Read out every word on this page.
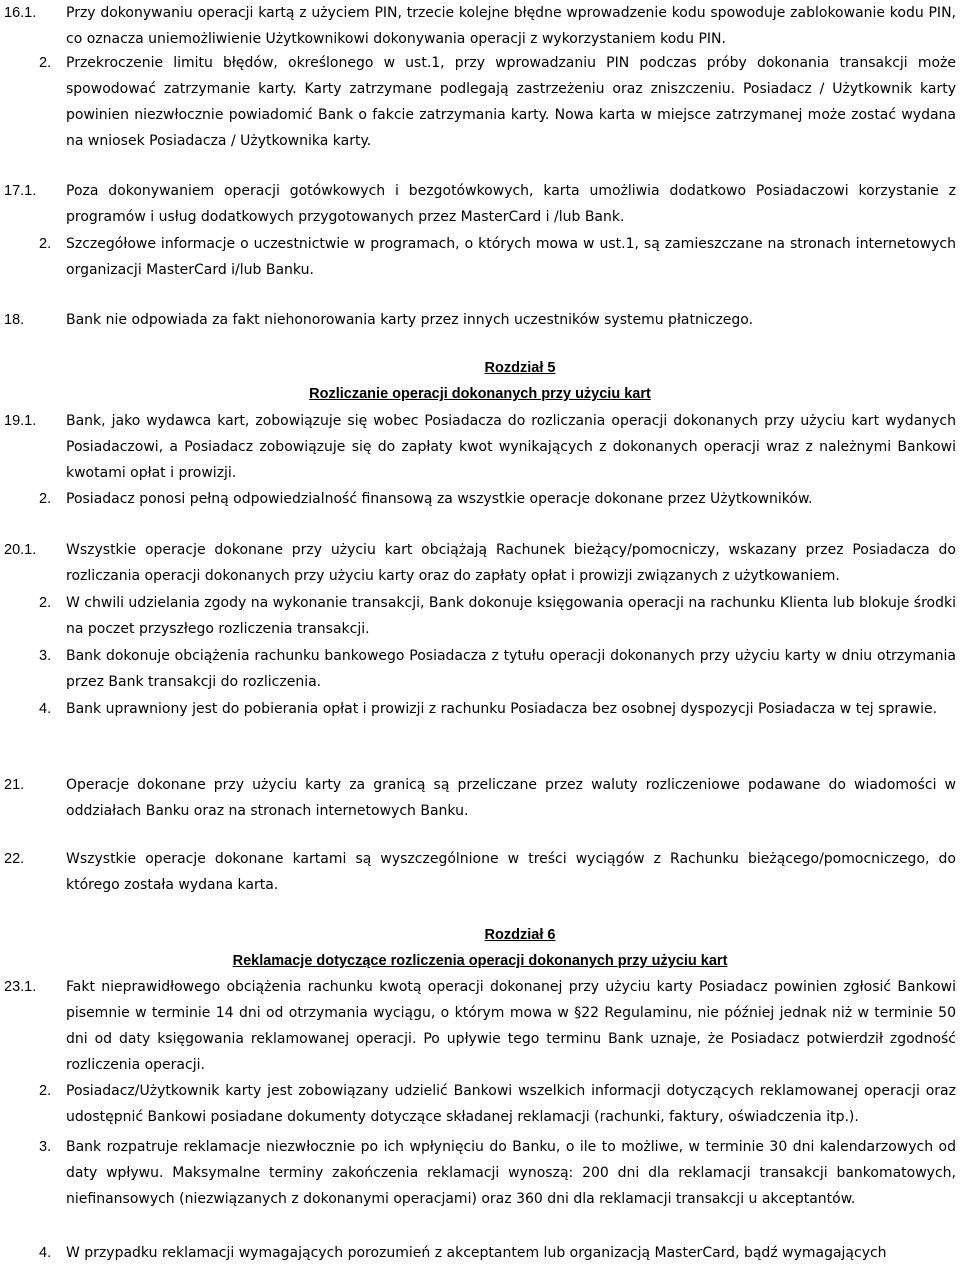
16.1. Przy dokonywaniu operacji kartą z użyciem PIN, trzecie kolejne błędne wprowadzenie kodu spowoduje zablokowanie kodu PIN, co oznacza uniemożliwienie Użytkownikowi dokonywania operacji z wykorzystaniem kodu PIN.
2. Przekroczenie limitu błędów, określonego w ust.1, przy wprowadzaniu PIN podczas próby dokonania transakcji może spowodować zatrzymanie karty. Karty zatrzymane podlegają zastrzeżeniu oraz zniszczeniu. Posiadacz / Użytkownik karty powinien niezwłocznie powiadomić Bank o fakcie zatrzymania karty. Nowa karta w miejsce zatrzymanej może zostać wydana na wniosek Posiadacza / Użytkownika karty.
17.1. Poza dokonywaniem operacji gotówkowych i bezgotówkowych, karta umożliwia dodatkowo Posiadaczowi korzystanie z programów i usług dodatkowych przygotowanych przez MasterCard i /lub Bank.
2. Szczegółowe informacje o uczestnictwie w programach, o których mowa w ust.1, są zamieszczane na stronach internetowych organizacji MasterCard i/lub Banku.
18.	Bank nie odpowiada za fakt niehonorowania karty przez innych uczestników systemu płatniczego.
Rozdział 5
Rozliczanie operacji dokonanych przy użyciu kart
19.1. Bank, jako wydawca kart, zobowiązuje się wobec Posiadacza do rozliczania operacji dokonanych przy użyciu kart wydanych Posiadaczowi, a Posiadacz zobowiązuje się do zapłaty kwot wynikających z dokonanych operacji wraz z należnymi Bankowi kwotami opłat i prowizji.
2. Posiadacz ponosi pełną odpowiedzialność finansową za wszystkie operacje dokonane przez Użytkowników.
20.1. Wszystkie operacje dokonane przy użyciu kart obciążają Rachunek bieżący/pomocniczy, wskazany przez Posiadacza do rozliczania operacji dokonanych przy użyciu karty oraz do zapłaty opłat i prowizji związanych z użytkowaniem.
2. W chwili udzielania zgody na wykonanie transakcji, Bank dokonuje księgowania operacji na rachunku Klienta lub blokuje środki na poczet przyszłego rozliczenia transakcji.
3. Bank dokonuje obciążenia rachunku bankowego Posiadacza z tytułu operacji dokonanych przy użyciu karty w dniu otrzymania przez Bank transakcji do rozliczenia.
4. Bank uprawniony jest do pobierania opłat i prowizji z rachunku Posiadacza bez osobnej dyspozycji Posiadacza w tej sprawie.
21.	Operacje dokonane przy użyciu karty za granicą są przeliczane przez waluty rozliczeniowe podawane do wiadomości w oddziałach Banku oraz na stronach internetowych Banku.
22.	Wszystkie operacje dokonane kartami są wyszczególnione w treści wyciągów z Rachunku bieżącego/pomocniczego, do którego została wydana karta.
Rozdział 6
Reklamacje dotyczące rozliczenia operacji dokonanych przy użyciu kart
23.1. Fakt nieprawidłowego obciążenia rachunku kwotą operacji dokonanej przy użyciu karty Posiadacz powinien zgłosić Bankowi pisemnie w terminie 14 dni od otrzymania wyciągu, o którym mowa w §22 Regulaminu, nie później jednak niż w terminie 50 dni od daty księgowania reklamowanej operacji. Po upływie tego terminu Bank uznaje, że Posiadacz potwierdził zgodność rozliczenia operacji.
2. Posiadacz/Użytkownik karty jest zobowiązany udzielić Bankowi wszelkich informacji dotyczących reklamowanej operacji oraz udostępnić Bankowi posiadane dokumenty dotyczące składanej reklamacji (rachunki, faktury, oświadczenia itp.).
3. Bank rozpatruje reklamacje niezwłocznie po ich wpłynięciu do Banku, o ile to możliwe, w terminie 30 dni kalendarzowych od daty wpływu. Maksymalne terminy zakończenia reklamacji wynoszą: 200 dni dla reklamacji transakcji bankomatowych, niefinansowych (niezwiązanych z dokonanymi operacjami) oraz 360 dni dla reklamacji transakcji u akceptantów.
4. W przypadku reklamacji wymagających porozumień z akceptantem lub organizacją MasterCard, bądź wymagających
